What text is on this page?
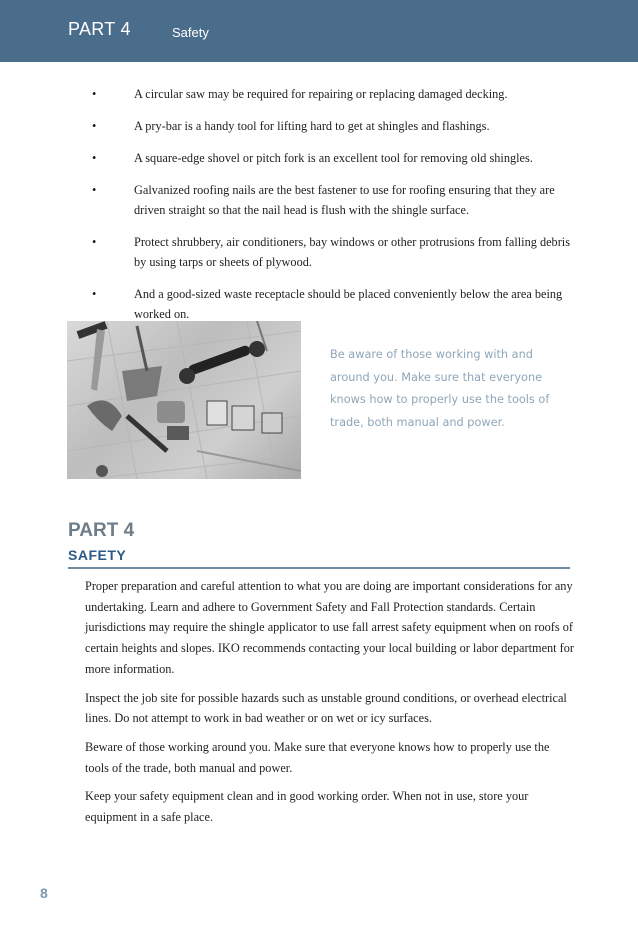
PART 4	Safety
•	A circular saw may be required for repairing or replacing damaged decking.
•	A pry-bar is a handy tool for lifting hard to get at shingles and flashings.
•	A square-edge shovel or pitch fork is an excellent tool for removing old shingles.
•	Galvanized roofing nails are the best fastener to use for roofing ensuring that they are driven straight so that the nail head is flush with the shingle surface.
•	Protect shrubbery, air conditioners, bay windows or other protrusions from falling debris by using tarps or sheets of plywood.
•	And a good-sized waste receptacle should be placed conveniently below the area being worked on.
Be aware of those working with and around you. Make sure that everyone knows how to properly use the tools of trade, both manual and power.
PART 4
SAFETY

Proper preparation and careful attention to what you are doing are important considerations for any undertaking. Learn and adhere to Government Safety and Fall Protection standards. Certain jurisdictions may require the shingle applicator to use fall arrest safety equipment when on roofs of certain heights and slopes. IKO recommends contacting your local building or labor department for more information.

Inspect the job site for possible hazards such as unstable ground conditions, or overhead electrical lines. Do not attempt to work in bad weather or on wet or icy surfaces.

Beware of those working around you. Make sure that everyone knows how to properly use the tools of the trade, both manual and power.

Keep your safety equipment clean and in good working order. When not in use, store your equipment in a safe place.

8
